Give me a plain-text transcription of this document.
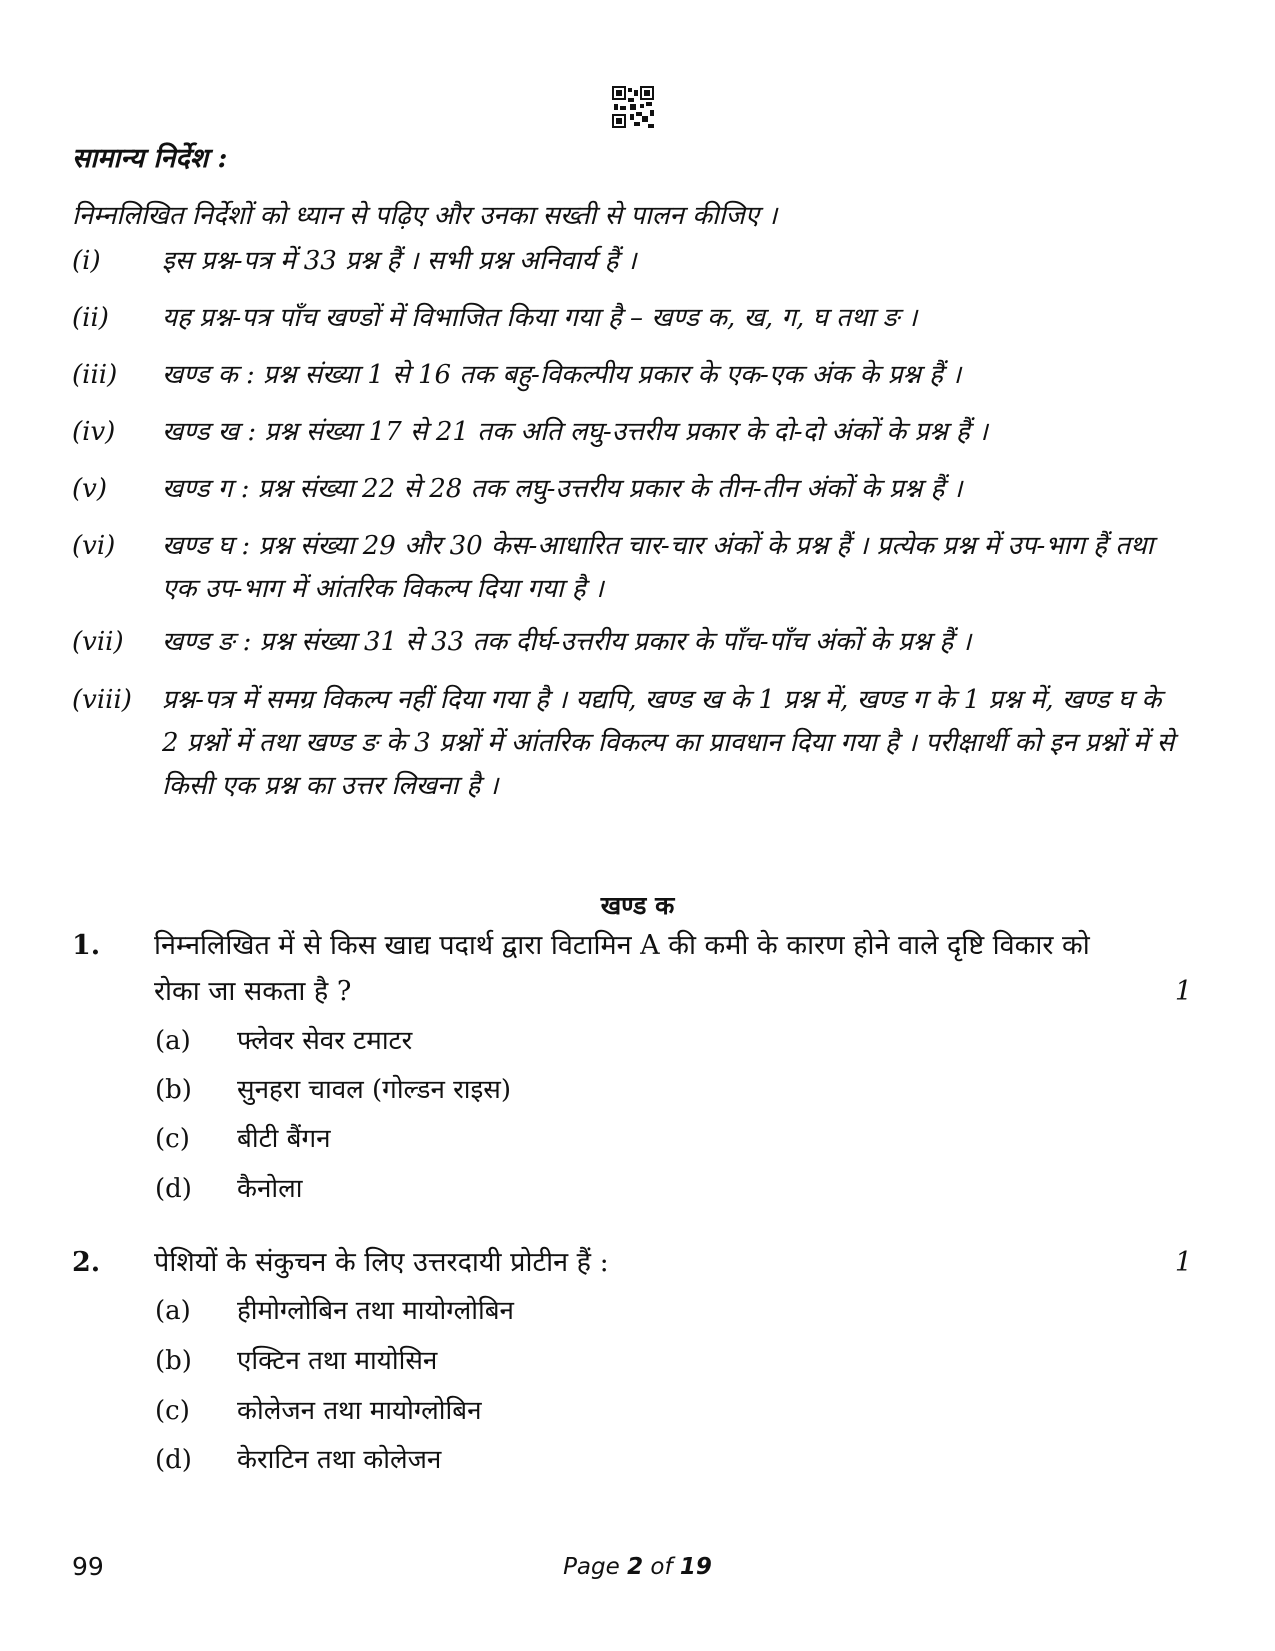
सामान्य निर्देश :
निम्नलिखित निर्देशों को ध्यान से पढ़िए और उनका सख्ती से पालन कीजिए ।
(i)	इस प्रश्न-पत्र में 33 प्रश्न हैं । सभी प्रश्न अनिवार्य हैं ।
(ii)	यह प्रश्न-पत्र पाँच खण्डों में विभाजित किया गया है – खण्ड क, ख, ग, घ तथा ङ ।
(iii)	खण्ड क : प्रश्न संख्या 1 से 16 तक बहु-विकल्पीय प्रकार के एक-एक अंक के प्रश्न हैं ।
(iv)	खण्ड ख : प्रश्न संख्या 17 से 21 तक अति लघु-उत्तरीय प्रकार के दो-दो अंकों के प्रश्न हैं ।
(v)	खण्ड ग : प्रश्न संख्या 22 से 28 तक लघु-उत्तरीय प्रकार के तीन-तीन अंकों के प्रश्न हैं ।
(vi)	खण्ड घ : प्रश्न संख्या 29 और 30 केस-आधारित चार-चार अंकों के प्रश्न हैं । प्रत्येक प्रश्न में उप-भाग हैं तथा एक उप-भाग में आंतरिक विकल्प दिया गया है ।
(vii)	खण्ड ङ : प्रश्न संख्या 31 से 33 तक दीर्घ-उत्तरीय प्रकार के पाँच-पाँच अंकों के प्रश्न हैं ।
(viii)	प्रश्न-पत्र में समग्र विकल्प नहीं दिया गया है । यद्यपि, खण्ड ख के 1 प्रश्न में, खण्ड ग के 1 प्रश्न में, खण्ड घ के 2 प्रश्नों में तथा खण्ड ङ के 3 प्रश्नों में आंतरिक विकल्प का प्रावधान दिया गया है । परीक्षार्थी को इन प्रश्नों में से किसी एक प्रश्न का उत्तर लिखना है ।
खण्ड क
1. निम्नलिखित में से किस खाद्य पदार्थ द्वारा विटामिन A की कमी के कारण होने वाले दृष्टि विकार को रोका जा सकता है ?	1
(a) फ्लेवर सेवर टमाटर
(b) सुनहरा चावल (गोल्डन राइस)
(c) बीटी बैंगन
(d) कैनोला
2. पेशियों के संकुचन के लिए उत्तरदायी प्रोटीन हैं :	1
(a) हीमोग्लोबिन तथा मायोग्लोबिन
(b) एक्टिन तथा मायोसिन
(c) कोलेजन तथा मायोग्लोबिन
(d) केराटिन तथा कोलेजन
99	Page 2 of 19
